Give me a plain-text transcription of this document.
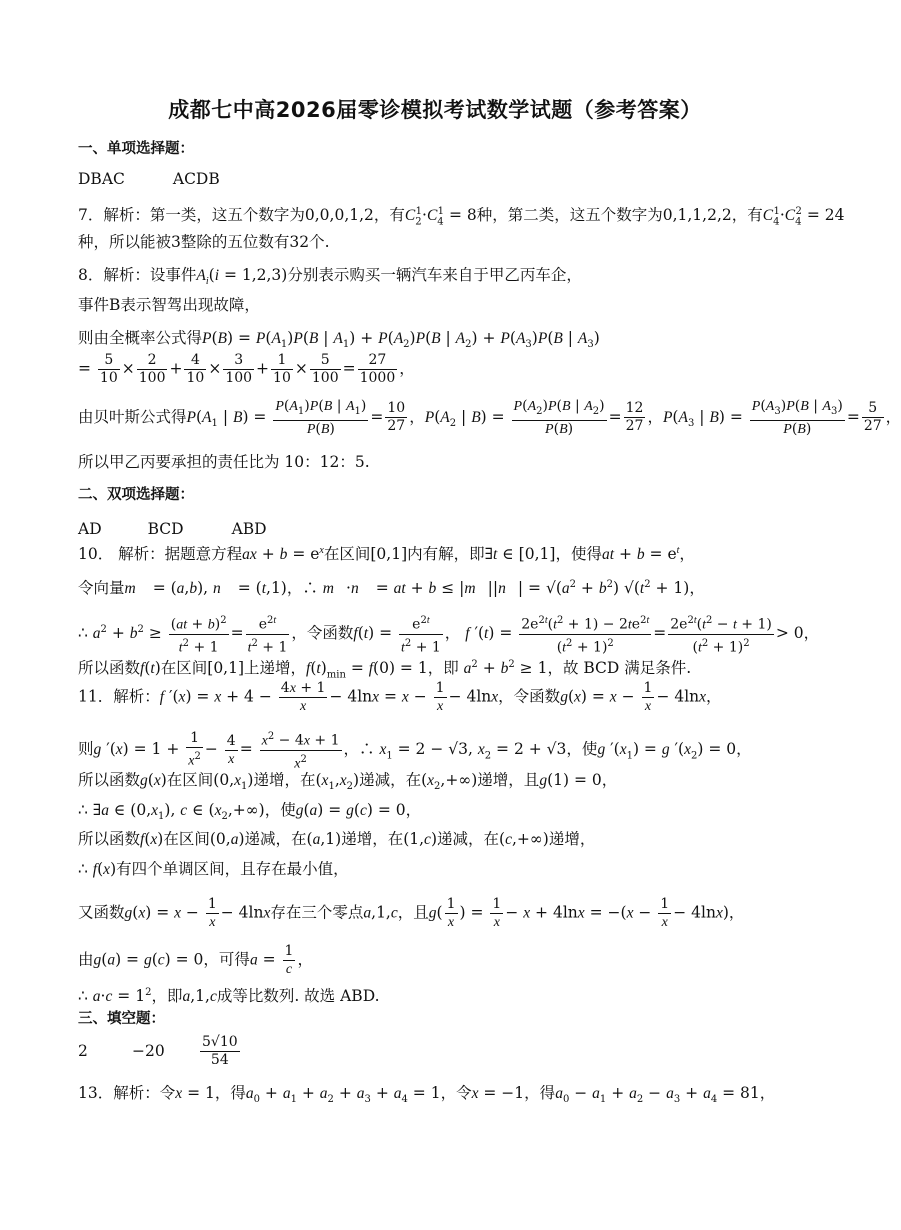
成都七中高2026届零诊模拟考试数学试题（参考答案）
一、单项选择题：
DBAC	ACDB
7．解析：第一类，这五个数字为0,0,0,1,2，有$C_2^1\cdot C_4^1 = 8$种，第二类，这五个数字为0,1,1,2,2，有$C_4^1\cdot C_4^2 = 24$
种，所以能被3整除的五位数有32个.
8．解析：设事件$A_i(i = 1,2,3)$分别表示购买一辆汽车来自于甲乙丙车企，
事件B表示智驾出现故障，
则由全概率公式得$P(B) = P(A_1)P(B$ | $A_1) + P(A_2)P(B$ | $A_2) + P(A_3)P(B$ | $A_3$)
= $\frac{5}{10} \times \frac{2}{100} + \frac{4}{10} \times \frac{3}{100} + \frac{1}{10} \times \frac{5}{100} = \frac{27}{1000}$ ，
由贝叶斯公式得$P(A_1$ | $B) = \frac{P(A_1)P(B | A_1)}{P(B)} = \frac{10}{27}$ ，$P(A_2$ | $B) = \frac{P(A_2)P(B | A_2)}{P(B)} = \frac{12}{27}$ ，$P(A_3$ | $B) = \frac{P(A_3)P(B | A_3)}{P(B)} = \frac{5}{27}$ ，
所以甲乙丙要承担的责任比为 10：12：5.
二、双项选择题：
AD	BCD	ABD
10． 解析：据题意方程ax + $b = e^x$在区间[0,1]内有解，即∃t ∈ [0,1]，使得at + $b = e^t$，
令向量m⃗ = (a,b), n⃗ = (t,1)，∴ m⃗·n⃗ = at + b ≤ |m⃗||n⃗| = $√(a^2 + b^2) √(t^2 + 1)$，
∴ $a^2 + b^2 \ge \frac{(at + b)^2}{t^2 + 1} = \frac{e^{2t}}{t^2 + 1}$ ，令函数$f(t) = \frac{e^{2t}}{t^2 + 1}$ ， f $'(t) = \frac{2e^{2t}(t^2 + 1) - 2te^{2t}}{(t^2 + 1)^2} = \frac{2e^{2t}(t^2 - t + 1)}{(t^2 + 1)^2} > 0$，
所以函数f(t)在区间[0,1]上递增，$f(t)_{min} = f(0) = 1$，即 $a^2 + b^2 \ge 1$，故 BCD 满足条件.
11．解析：f $'(x) = x + 4 - \frac{4x + 1}{x} - 4\ln x = x - \frac{1}{x} - 4\ln x$，令函数$g(x) = x - \frac{1}{x} - 4\ln x$，
则g $'(x) = 1 + \frac{1}{x^2} - \frac{4}{x} = \frac{x^2 - 4x + 1}{x^2}$ ，∴ $x_1 = 2 - √3$, $x_2 = 2 + √3$，使g $'(x_1) = g$ $'(x_2) = 0$，
所以函数g(x)在区间$(0,x_1)$递增，在$(x_1,x_2)$递减，在$(x_2,+\infty)$递增，且g(1) = 0，
∴ ∃a ∈ $(0,x_1)$, c ∈ $(x_2,+\infty)$，使g(a) = g(c) = 0，
所以函数f(x)在区间(0,a)递减，在(a,1)递增，在(1,c)递减，在(c,+∞)递增，
∴ f(x)有四个单调区间，且存在最小值，
又函数$g(x) = x - \frac{1}{x} - 4\ln x$存在三个零点a,1,c，且$g( \frac{1}{x}$ ) = $\frac{1}{x} - x + 4\ln x = -(x - \frac{1}{x} - 4\ln x)$，
由g(a) = g(c) = 0，可得$a = \frac{1}{c}$ ，
∴ $a\cdot c = 1^2$，即a,1,c成等比数列. 故选 ABD.
三、填空题：
2	−20	$\frac{5√10}{54}$
13．解析：令x = 1，得$a_0 + a_1 + a_2 + a_3 + a_4 = 1$，令x = −1，得$a_0 - a_1 + a_2 - a_3 + a_4 = 81$，
